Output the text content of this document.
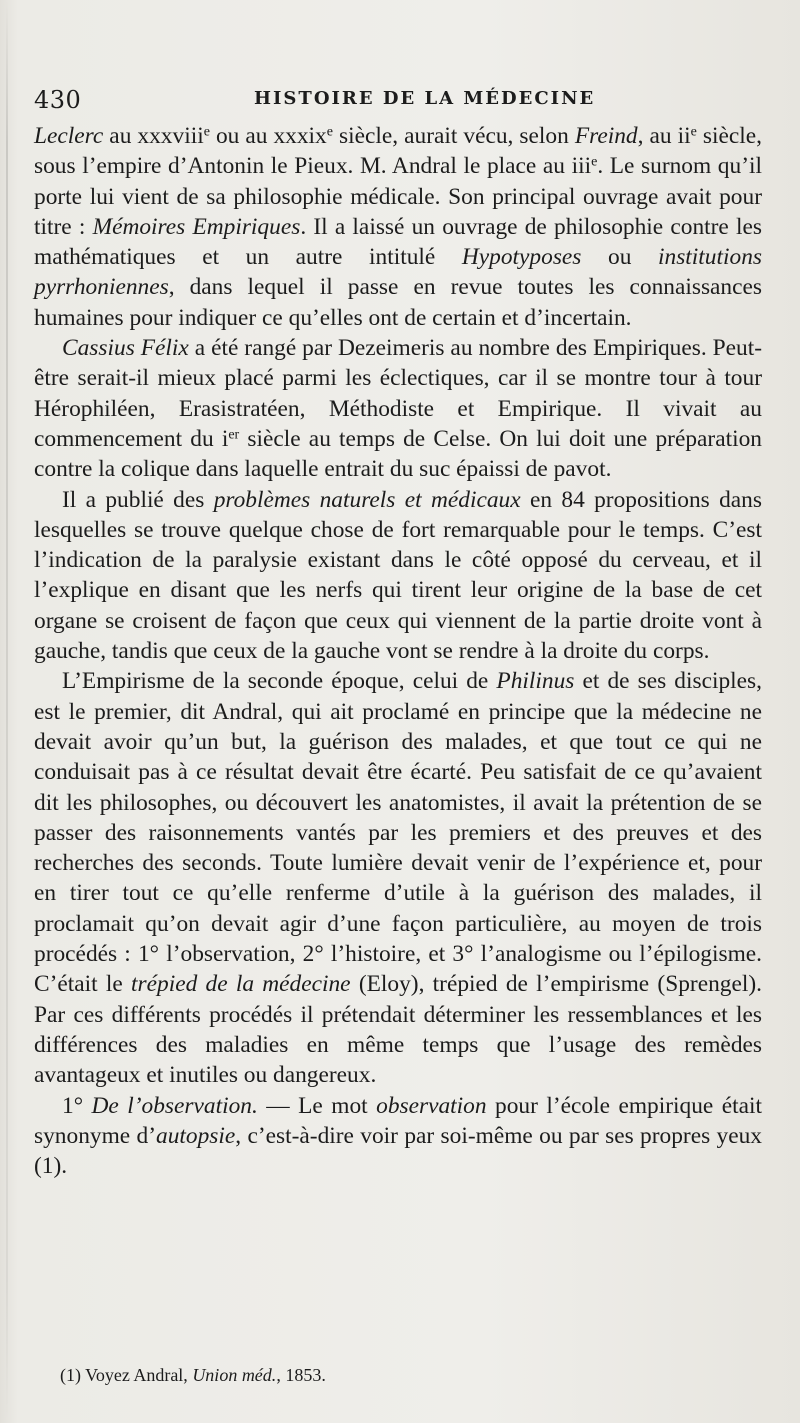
430	HISTOIRE DE LA MÉDECINE

Leclerc au xxxviii$^e$ ou au xxxix$^e$ siècle, aurait vécu, selon Freind, au $ii^e$ siècle, sous l’empire d’Antonin le Pieux. M. Andral le place au iii$^e$. Le surnom qu’il porte lui vient de sa philosophie médicale. Son principal ouvrage avait pour titre : Mémoires Empiriques. Il a laissé un ouvrage de philosophie contre les mathématiques et un autre intitulé Hypotyposes ou institutions pyrrhoniennes, dans lequel il passe en revue toutes les connaissances humaines pour indiquer ce qu’elles ont de certain et d’incertain.

Cassius Félix a été rangé par Dezeimeris au nombre des Empiriques. Peut-être serait-il mieux placé parmi les éclectiques, car il se montre tour à tour Hérophiléen, Erasistratéen, Méthodiste et Empirique. Il vivait au commencement du $i^{er}$ siècle au temps de Celse. On lui doit une préparation contre la colique dans laquelle entrait du suc épaissi de pavot.

Il a publié des problèmes naturels et médicaux en 84 propositions dans lesquelles se trouve quelque chose de fort remarquable pour le temps. C’est l’indication de la paralysie existant dans le côté opposé du cerveau, et il l’explique en disant que les nerfs qui tirent leur origine de la base de cet organe se croisent de façon que ceux qui viennent de la partie droite vont à gauche, tandis que ceux de la gauche vont se rendre à la droite du corps.

L’Empirisme de la seconde époque, celui de Philinus et de ses disciples, est le premier, dit Andral, qui ait proclamé en principe que la médecine ne devait avoir qu’un but, la guérison des malades, et que tout ce qui ne conduisait pas à ce résultat devait être écarté. Peu satisfait de ce qu’avaient dit les philosophes, ou découvert les anatomistes, il avait la prétention de se passer des raisonnements vantés par les premiers et des preuves et des recherches des seconds. Toute lumière devait venir de l’expérience et, pour en tirer tout ce qu’elle renferme d’utile à la guérison des malades, il proclamait qu’on devait agir d’une façon particulière, au moyen de trois procédés : 1° l’observation, 2° l’histoire, et 3° l’analogisme ou l’épilogisme. C’était le trépied de la médecine (Eloy), trépied de l’empirisme (Sprengel). Par ces différents procédés il prétendait déterminer les ressemblances et les différences des maladies en même temps que l’usage des remèdes avantageux et inutiles ou dangereux.

1° De l’observation. — Le mot observation pour l’école empirique était synonyme d’autopsie, c’est-à-dire voir par soi-même ou par ses propres yeux (1).

(1) Voyez Andral, Union méd., 1853.
